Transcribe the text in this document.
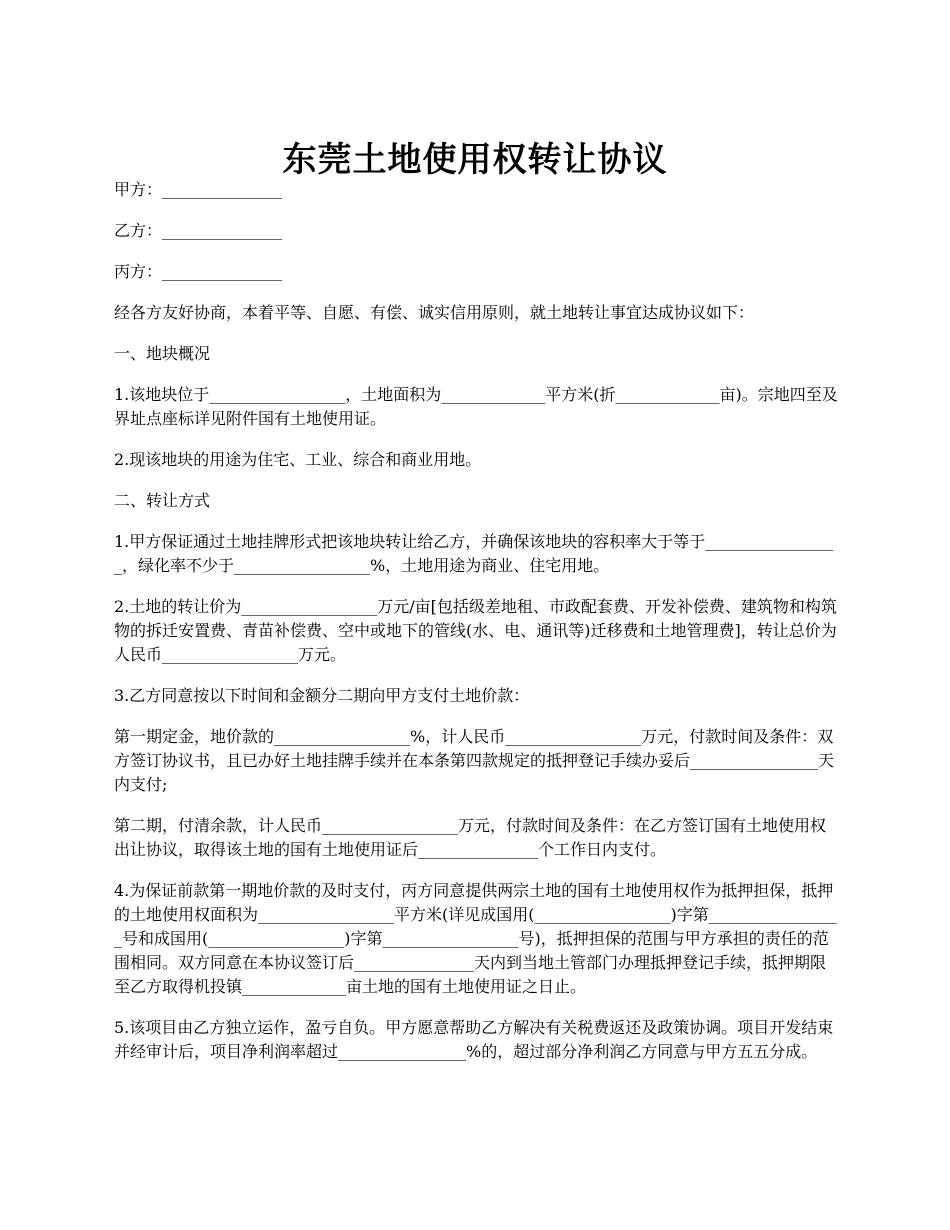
东莞土地使用权转让协议

甲方：_______________

乙方：_______________

丙方：_______________

经各方友好协商，本着平等、自愿、有偿、诚实信用原则，就土地转让事宜达成协议如下：

一、地块概况

1.该地块位于_________________，土地面积为_____________平方米(折_____________亩)。宗地四至及界址点座标详见附件国有土地使用证。

2.现该地块的用途为住宅、工业、综合和商业用地。

二、转让方式

1.甲方保证通过土地挂牌形式把该地块转让给乙方，并确保该地块的容积率大于等于_________________，绿化率不少于_________________%，土地用途为商业、住宅用地。

2.土地的转让价为_________________万元/亩[包括级差地租、市政配套费、开发补偿费、建筑物和构筑物的拆迁安置费、青苗补偿费、空中或地下的管线(水、电、通讯等)迁移费和土地管理费]，转让总价为人民币_________________万元。

3.乙方同意按以下时间和金额分二期向甲方支付土地价款：

第一期定金，地价款的_________________%，计人民币_________________万元，付款时间及条件：双方签订协议书，且已办好土地挂牌手续并在本条第四款规定的抵押登记手续办妥后________________天内支付;

第二期，付清余款，计人民币_________________万元，付款时间及条件：在乙方签订国有土地使用权出让协议，取得该土地的国有土地使用证后_______________个工作日内支付。

4.为保证前款第一期地价款的及时支付，丙方同意提供两宗土地的国有土地使用权作为抵押担保，抵押的土地使用权面积为_________________平方米(详见成国用(_________________)字第_________________号和成国用(_________________)字第_________________号)，抵押担保的范围与甲方承担的责任的范围相同。双方同意在本协议签订后_______________天内到当地土管部门办理抵押登记手续，抵押期限至乙方取得机投镇_____________亩土地的国有土地使用证之日止。

5.该项目由乙方独立运作，盈亏自负。甲方愿意帮助乙方解决有关税费返还及政策协调。项目开发结束并经审计后，项目净利润率超过________________%的，超过部分净利润乙方同意与甲方五五分成。
